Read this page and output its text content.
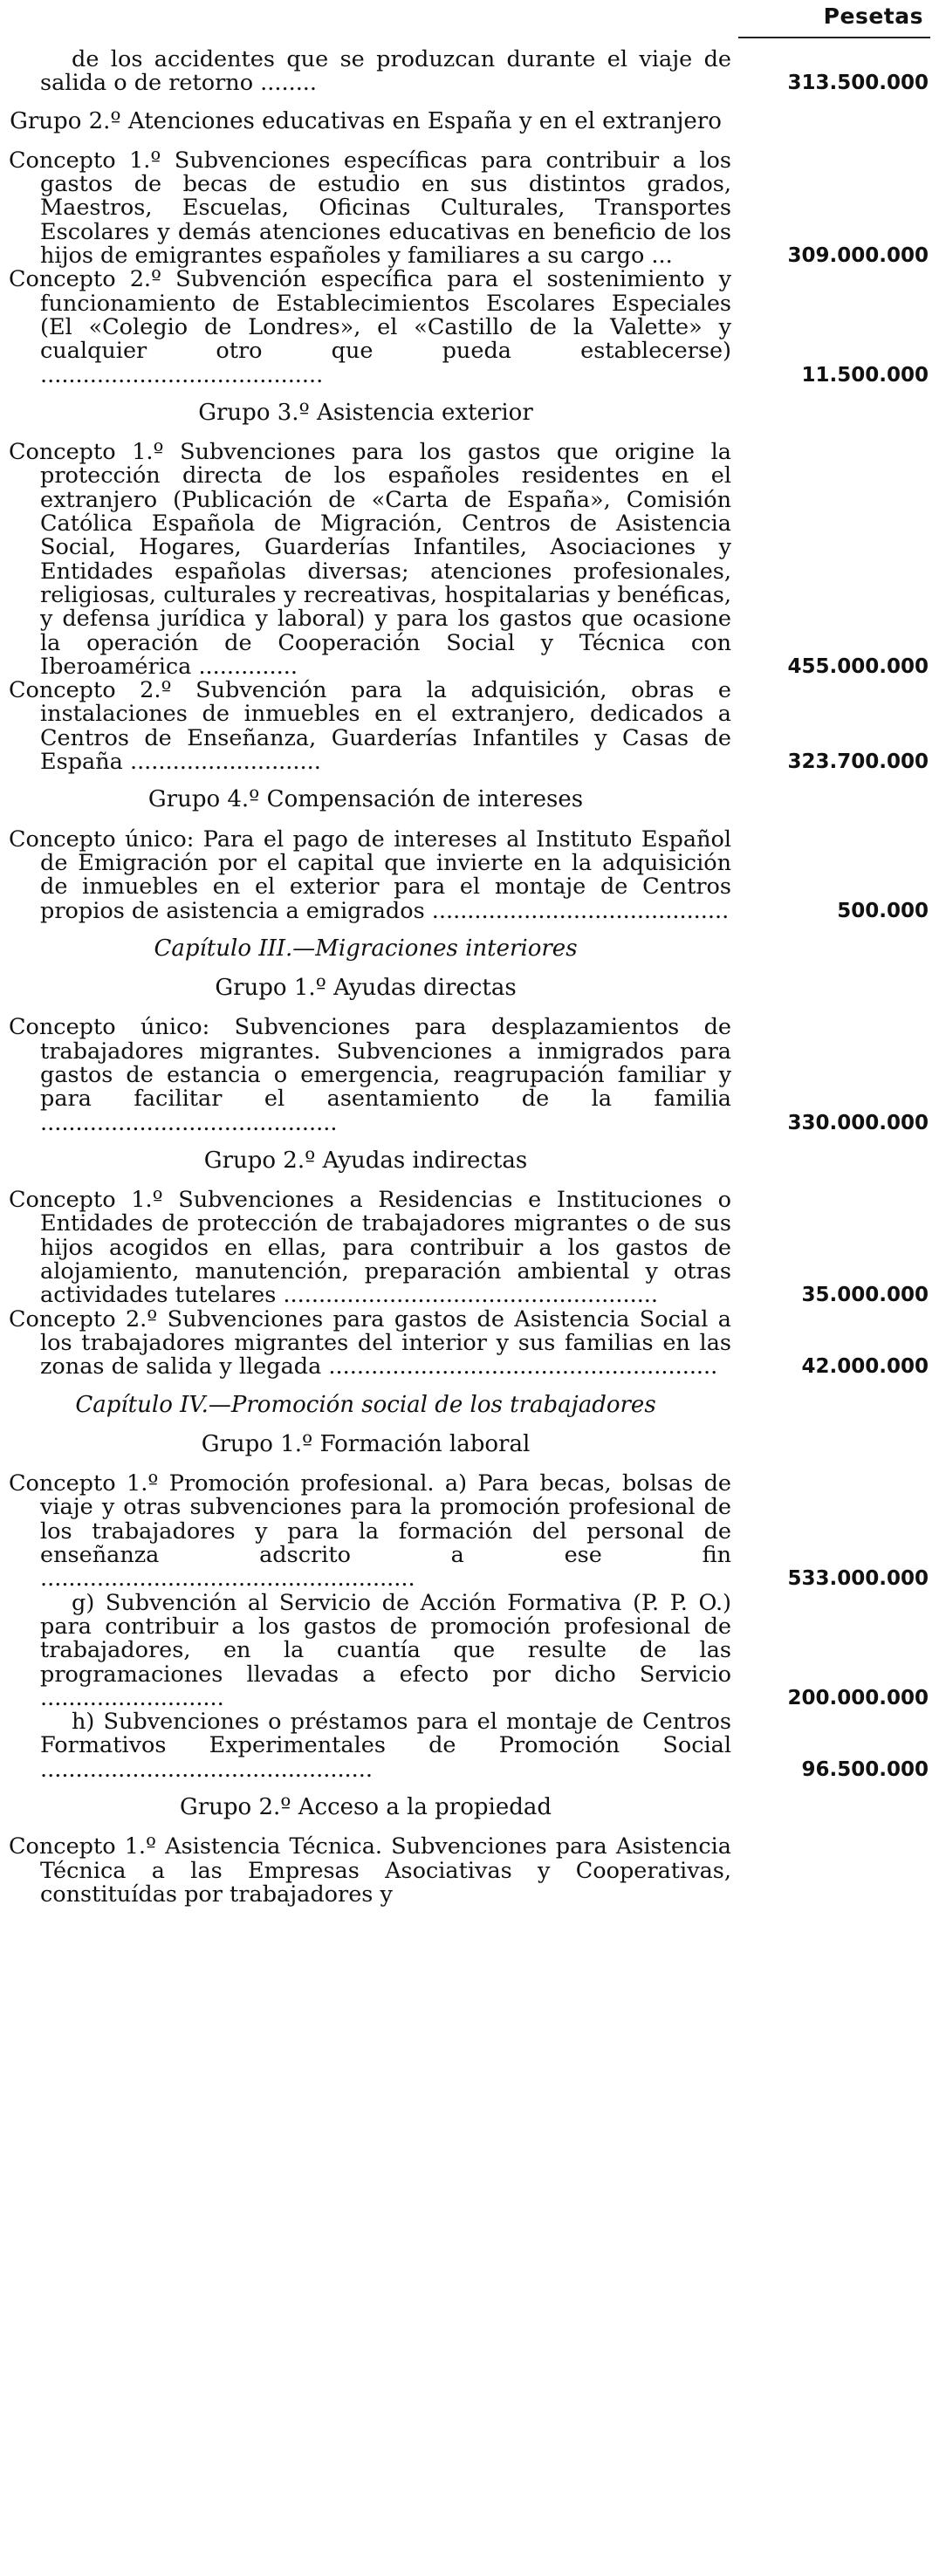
Pesetas
de los accidentes que se produzcan durante el viaje de salida o de retorno ........	313.500.000
Grupo 2.º Atenciones educativas en España y en el extranjero
Concepto 1.º Subvenciones específicas para contribuir a los gastos de becas de estudio en sus distintos grados, Maestros, Escuelas, Oficinas Culturales, Transportes Escolares y demás atenciones educativas en beneficio de los hijos de emigrantes españoles y familiares a su cargo ...	309.000.000
Concepto 2.º Subvención específica para el sostenimiento y funcionamiento de Establecimientos Escolares Especiales (El «Colegio de Londres», el «Castillo de la Valette» y cualquier otro que pueda establecerse) ........................................	11.500.000
Grupo 3.º Asistencia exterior
Concepto 1.º Subvenciones para los gastos que origine la protección directa de los españoles residentes en el extranjero (Publicación de «Carta de España», Comisión Católica Española de Migración, Centros de Asistencia Social, Hogares, Guarderías Infantiles, Asociaciones y Entidades españolas diversas; atenciones profesionales, religiosas, culturales y recreativas, hospitalarias y benéficas, y defensa jurídica y laboral) y para los gastos que ocasione la operación de Cooperación Social y Técnica con Iberoamérica ..............	455.000.000
Concepto 2.º Subvención para la adquisición, obras e instalaciones de inmuebles en el extranjero, dedicados a Centros de Enseñanza, Guarderías Infantiles y Casas de España ...........................	323.700.000
Grupo 4.º Compensación de intereses
Concepto único: Para el pago de intereses al Instituto Español de Emigración por el capital que invierte en la adquisición de inmuebles en el exterior para el montaje de Centros propios de asistencia a emigrados ..........................................	500.000
Capítulo III.—Migraciones interiores
Grupo 1.º Ayudas directas
Concepto único: Subvenciones para desplazamientos de trabajadores migrantes. Subvenciones a inmigrados para gastos de estancia o emergencia, reagrupación familiar y para facilitar el asentamiento de la familia ..........................................	330.000.000
Grupo 2.º Ayudas indirectas
Concepto 1.º Subvenciones a Residencias e Instituciones o Entidades de protección de trabajadores migrantes o de sus hijos acogidos en ellas, para contribuir a los gastos de alojamiento, manutención, preparación ambiental y otras actividades tutelares .....................................................	35.000.000
Concepto 2.º Subvenciones para gastos de Asistencia Social a los trabajadores migrantes del interior y sus familias en las zonas de salida y llegada .......................................................	42.000.000
Capítulo IV.—Promoción social de los trabajadores
Grupo 1.º Formación laboral
Concepto 1.º Promoción profesional. a) Para becas, bolsas de viaje y otras subvenciones para la promoción profesional de los trabajadores y para la formación del personal de enseñanza adscrito a ese fin .....................................................	533.000.000
g) Subvención al Servicio de Acción Formativa (P. P. O.) para contribuir a los gastos de promoción profesional de trabajadores, en la cuantía que resulte de las programaciones llevadas a efecto por dicho Servicio ..........................	200.000.000
h) Subvenciones o préstamos para el montaje de Centros Formativos Experimentales de Promoción Social ...............................................	96.500.000
Grupo 2.º Acceso a la propiedad
Concepto 1.º Asistencia Técnica. Subvenciones para Asistencia Técnica a las Empresas Asociativas y Cooperativas, constituídas por trabajadores y
